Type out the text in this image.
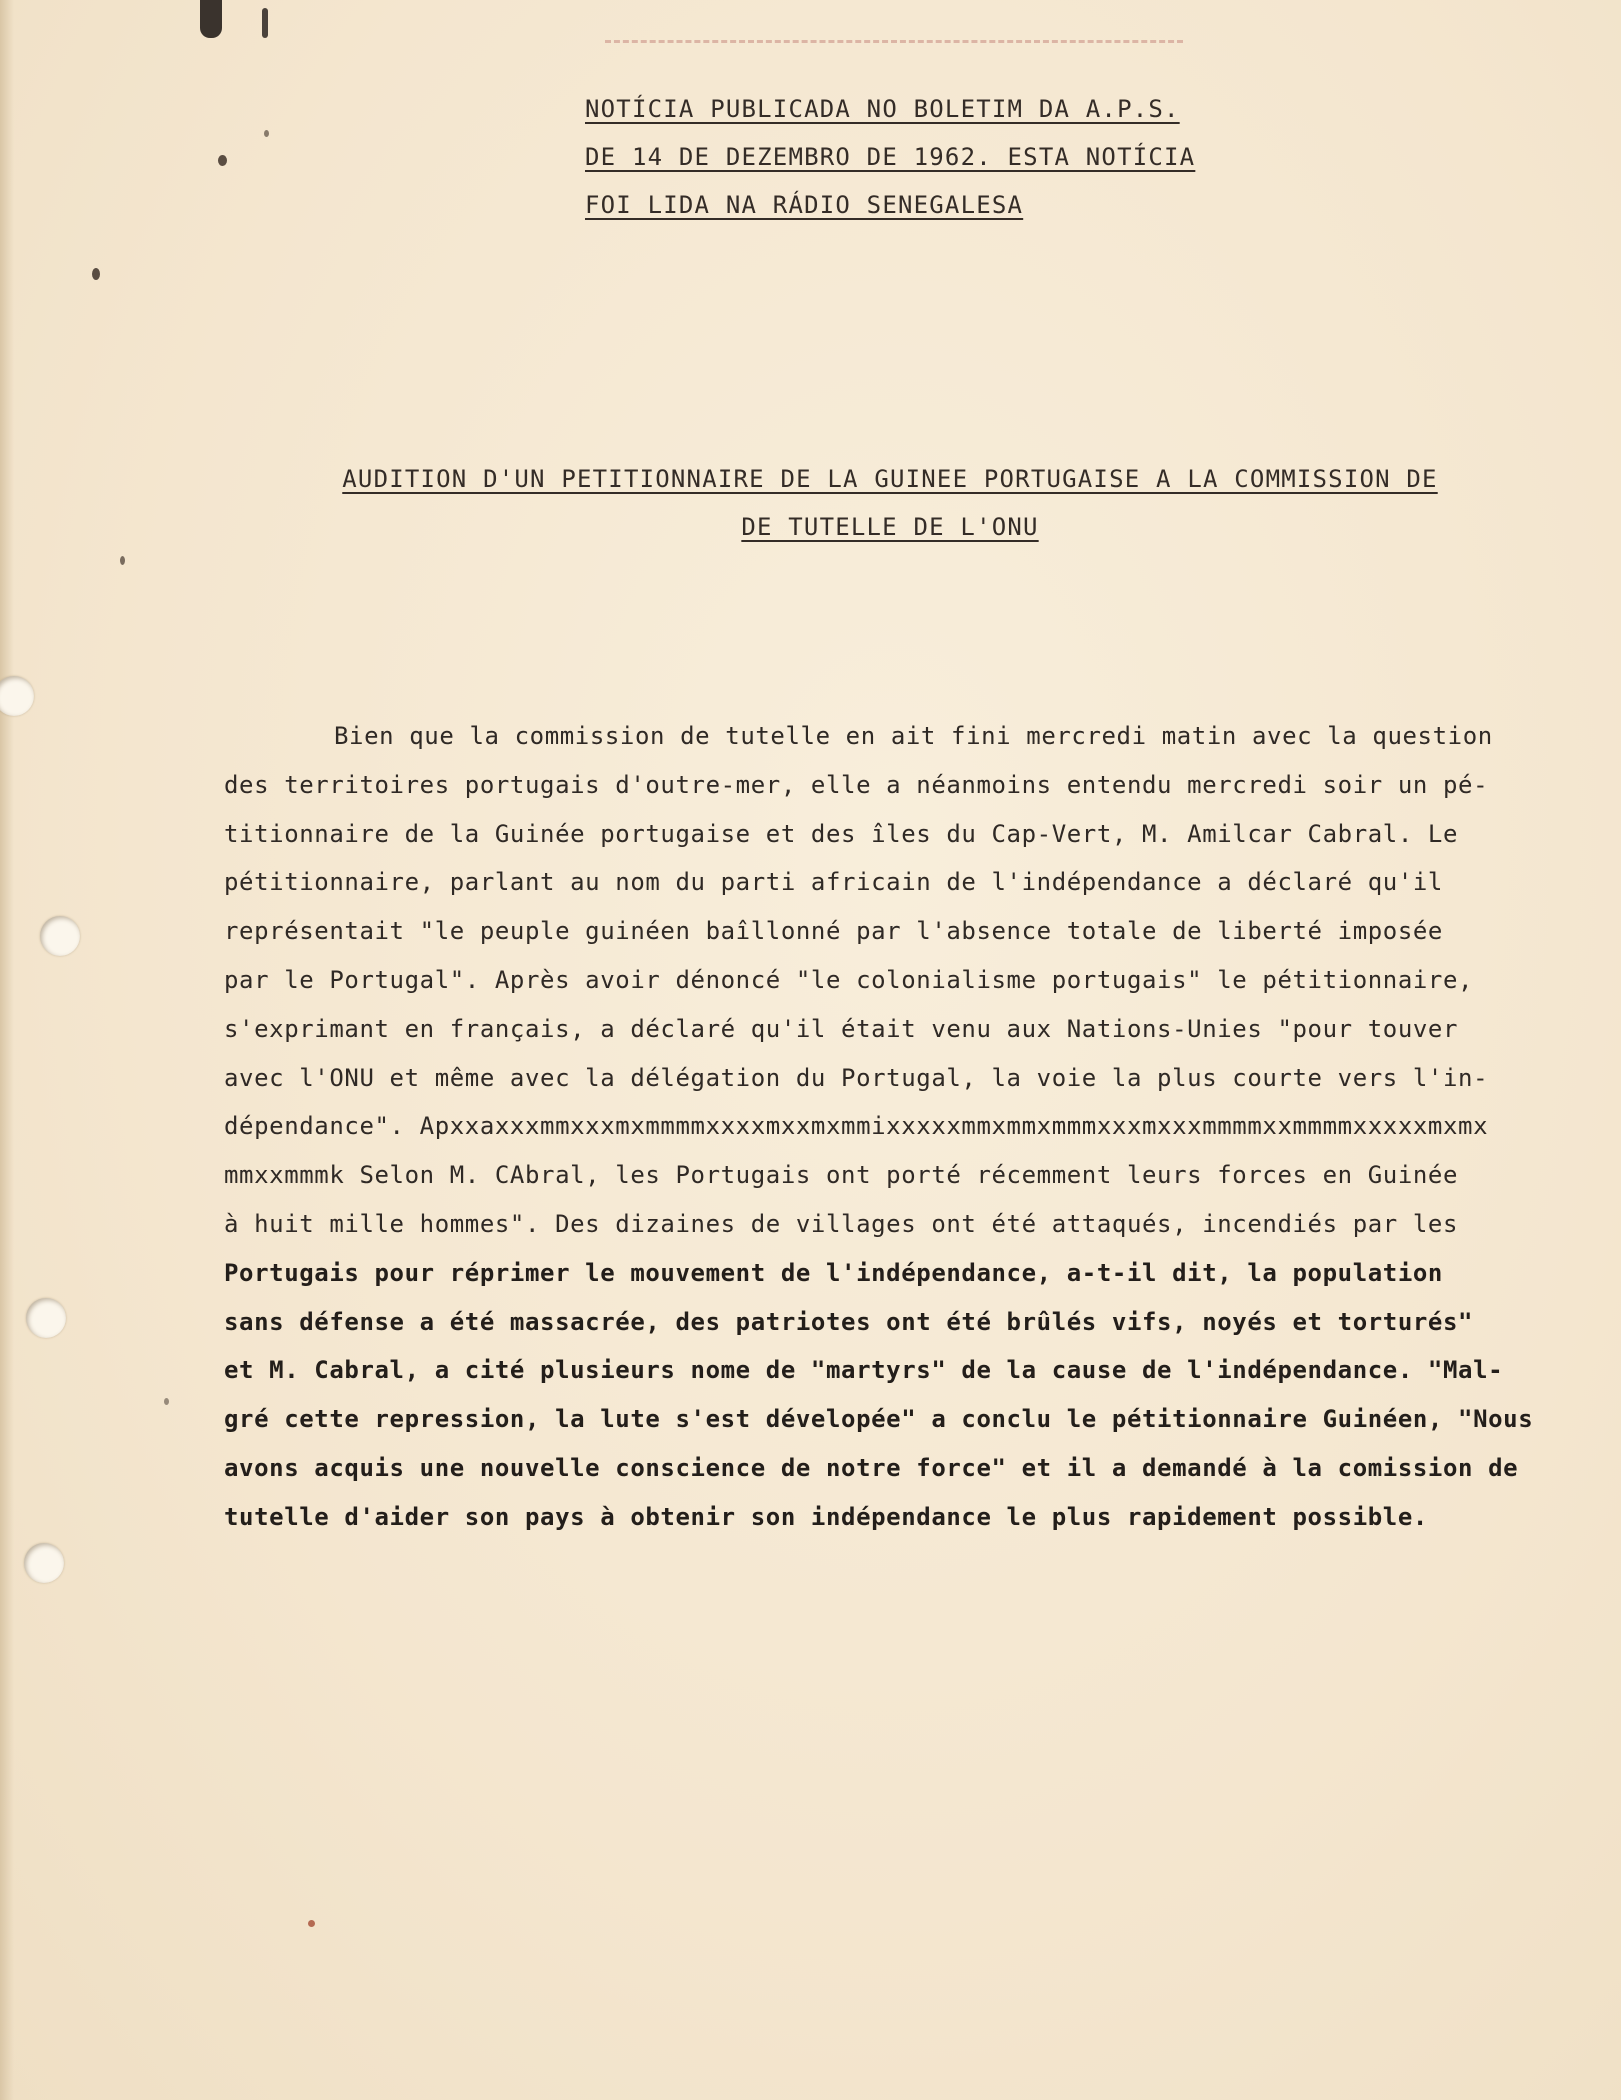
NOTÍCIA PUBLICADA NO BOLETIM DA A.P.S.
DE 14 DE DEZEMBRO DE 1962. ESTA NOTÍCIA
FOI LIDA NA RÁDIO SENEGALESA
AUDITION D'UN PETITIONNAIRE DE LA GUINEE PORTUGAISE A LA COMMISSION DE
DE TUTELLE DE L'ONU
Bien que la commission de tutelle en ait fini mercredi matin avec la question
des territoires portugais d'outre-mer, elle a néanmoins entendu mercredi soir un pé-
titionnaire de la Guinée portugaise et des îles du Cap-Vert, M. Amilcar Cabral. Le
pétitionnaire, parlant au nom du parti africain de l'indépendance a déclaré qu'il
représentait "le peuple guinéen baîllonné par l'absence totale de liberté imposée
par le Portugal". Après avoir dénoncé "le colonialisme portugais" le pétitionnaire,
s'exprimant en français, a déclaré qu'il était venu aux Nations-Unies "pour touver
avec l'ONU et même avec la délégation du Portugal, la voie la plus courte vers l'in-
dépendance". Apxxaxxxmmxxxmxmmmmxxxxmxxmxmmixxxxxmmxmmxmmmxxxmxxxmmmmxxmmmmxxxxxmxmx
mmxxmmmk Selon M. CAbral, les Portugais ont porté récemment leurs forces en Guinée
à huit mille hommes". Des dizaines de villages ont été attaqués, incendiés par les
Portugais pour réprimer le mouvement de l'indépendance, a-t-il dit, la population
sans défense a été massacrée, des patriotes ont été brûlés vifs, noyés et torturés"
et M. Cabral, a cité plusieurs nome de "martyrs" de la cause de l'indépendance. "Mal-
gré cette repression, la lute s'est dévelopée" a conclu le pétitionnaire Guinéen, "Nous
avons acquis une nouvelle conscience de notre force" et il a demandé à la comission de
tutelle d'aider son pays à obtenir son indépendance le plus rapidement possible.
